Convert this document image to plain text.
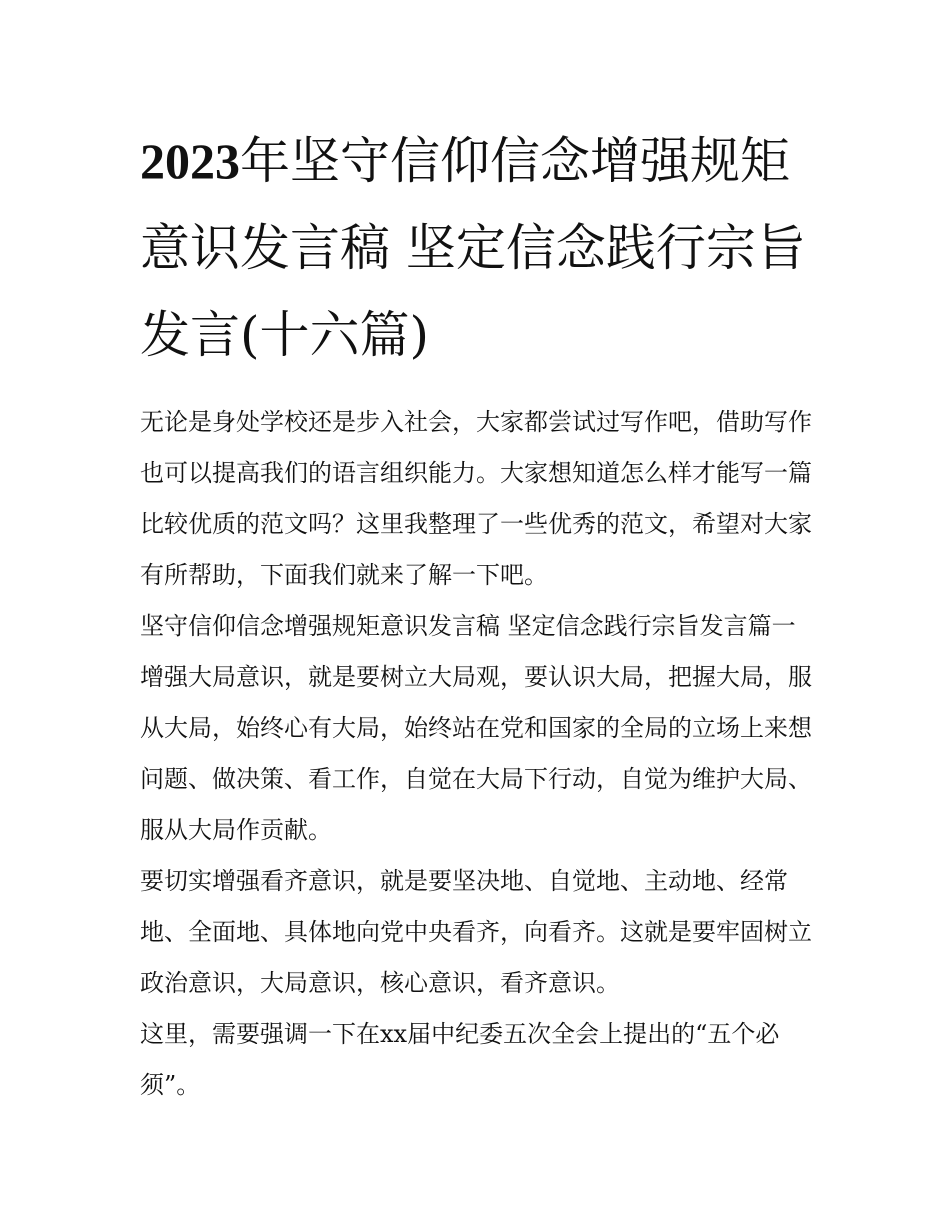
2023年坚守信仰信念增强规矩意识发言稿 坚定信念践行宗旨发言(十六篇)

无论是身处学校还是步入社会，大家都尝试过写作吧，借助写作也可以提高我们的语言组织能力。大家想知道怎么样才能写一篇比较优质的范文吗？这里我整理了一些优秀的范文，希望对大家有所帮助，下面我们就来了解一下吧。

坚守信仰信念增强规矩意识发言稿 坚定信念践行宗旨发言篇一

增强大局意识，就是要树立大局观，要认识大局，把握大局，服从大局，始终心有大局，始终站在党和国家的全局的立场上来想问题、做决策、看工作，自觉在大局下行动，自觉为维护大局、服从大局作贡献。

要切实增强看齐意识，就是要坚决地、自觉地、主动地、经常地、全面地、具体地向党中央看齐，向看齐。这就是要牢固树立政治意识，大局意识，核心意识，看齐意识。

这里，需要强调一下在xx届中纪委五次全会上提出的“五个必须”。
